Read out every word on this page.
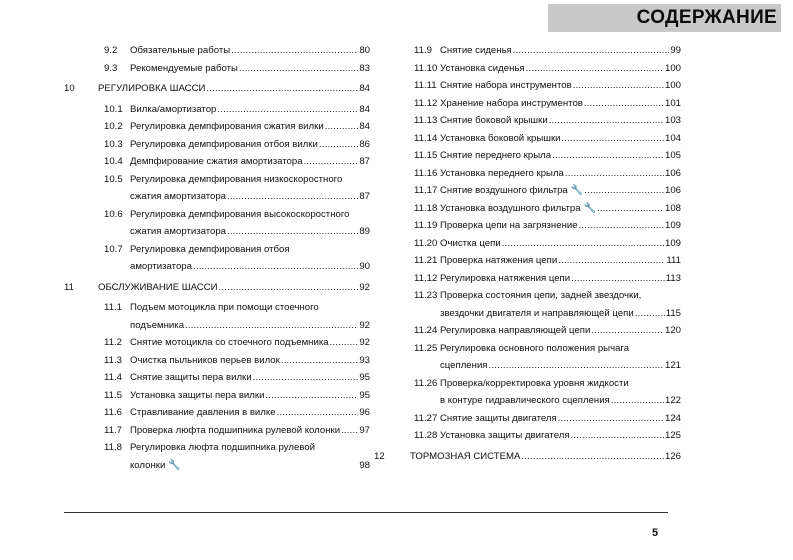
СОДЕРЖАНИЕ
9.2 Обязательные работы .....	80
9.3 Рекомендуемые работы .....	83
10 РЕГУЛИРОВКА ШАССИ .....	84
10.1 Вилка/амортизатор .....	84
10.2 Регулировка демпфирования сжатия вилки .....	84
10.3 Регулировка демпфирования отбоя вилки .....	86
10.4 Демпфирование сжатия амортизатора .....	87
10.5 Регулировка демпфирования низкоскоростного
сжатия амортизатора .....	87
10.6 Регулировка демпфирования высокоскоростного
сжатия амортизатора .....	89
10.7 Регулировка демпфирования отбоя
амортизатора .....	90
11	ОБСЛУЖИВАНИЕ ШАССИ .....	92
11.1 Подъем мотоцикла при помощи стоечного
подъемника .....	92
11.2 Снятие мотоцикла со стоечного подъемника .....	92
11.3 Очистка пыльников перьев вилок .....	93
11.4 Снятие защиты пера вилки .....	95
11.5 Установка защиты пера вилки .....	95
11.6 Стравливание давления в вилке .....	96
11.7 Проверка люфта подшипника рулевой колонки ..... 97
11.8 Регулировка люфта подшипника рулевой
колонки 🔧	98
11.9 Снятие сиденья .....	99
11.10 Установка сиденья .....	100
11.11 Снятие набора инструментов .....	100
11.12 Хранение набора инструментов .....	101
11.13 Снятие боковой крышки .....	103
11.14 Установка боковой крышки .....	104
11.15 Снятие переднего крыла .....	105
11.16 Установка переднего крыла .....	106
11.17 Снятие воздушного фильтра 🔧 .....	106
11.18 Установка воздушного фильтра 🔧 .....	108
11.19 Проверка цепи на загрязнение .....	109
11.20 Очистка цепи .....	109
11.21 Проверка натяжения цепи .....	111
11.12 Регулировка натяжения цепи .....	113
11.23 Проверка состояния цепи, задней звездочки,
звездочки двигателя и направляющей цепи .....	115
11.24 Регулировка направляющей цепи .....	120
11.25 Регулировка основного положения рычага
сцепления .....	121
11.26 Проверка/корректировка уровня жидкости
в контуре гидравлического сцепления .....	122
11.27 Снятие защиты двигателя .....	124
11.28 Установка защиты двигателя .....	125
12	ТОРМОЗНАЯ СИСТЕМА .....	126
5
